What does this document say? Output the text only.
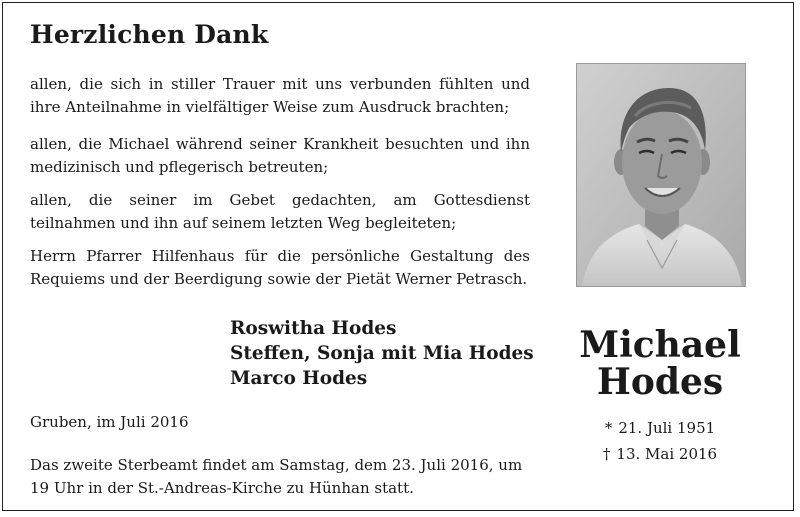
Herzlichen Dank
allen, die sich in stiller Trauer mit uns verbunden fühlten und ihre Anteilnahme in vielfältiger Weise zum Ausdruck brachten;
allen, die Michael während seiner Krankheit besuchten und ihn medizinisch und pflegerisch betreuten;
allen, die seiner im Gebet gedachten, am Gottesdienst teilnahmen und ihn auf seinem letzten Weg begleiteten;
Herrn Pfarrer Hilfenhaus für die persönliche Gestaltung des Requiems und der Beerdigung sowie der Pietät Werner Petrasch.
Roswitha Hodes
Steffen, Sonja mit Mia Hodes
Marco Hodes
Gruben, im Juli 2016
Das zweite Sterbeamt findet am Samstag, dem 23. Juli 2016, um 19 Uhr in der St.-Andreas-Kirche zu Hünhan statt.
Michael
Hodes
* 21. Juli 1951
† 13. Mai 2016
